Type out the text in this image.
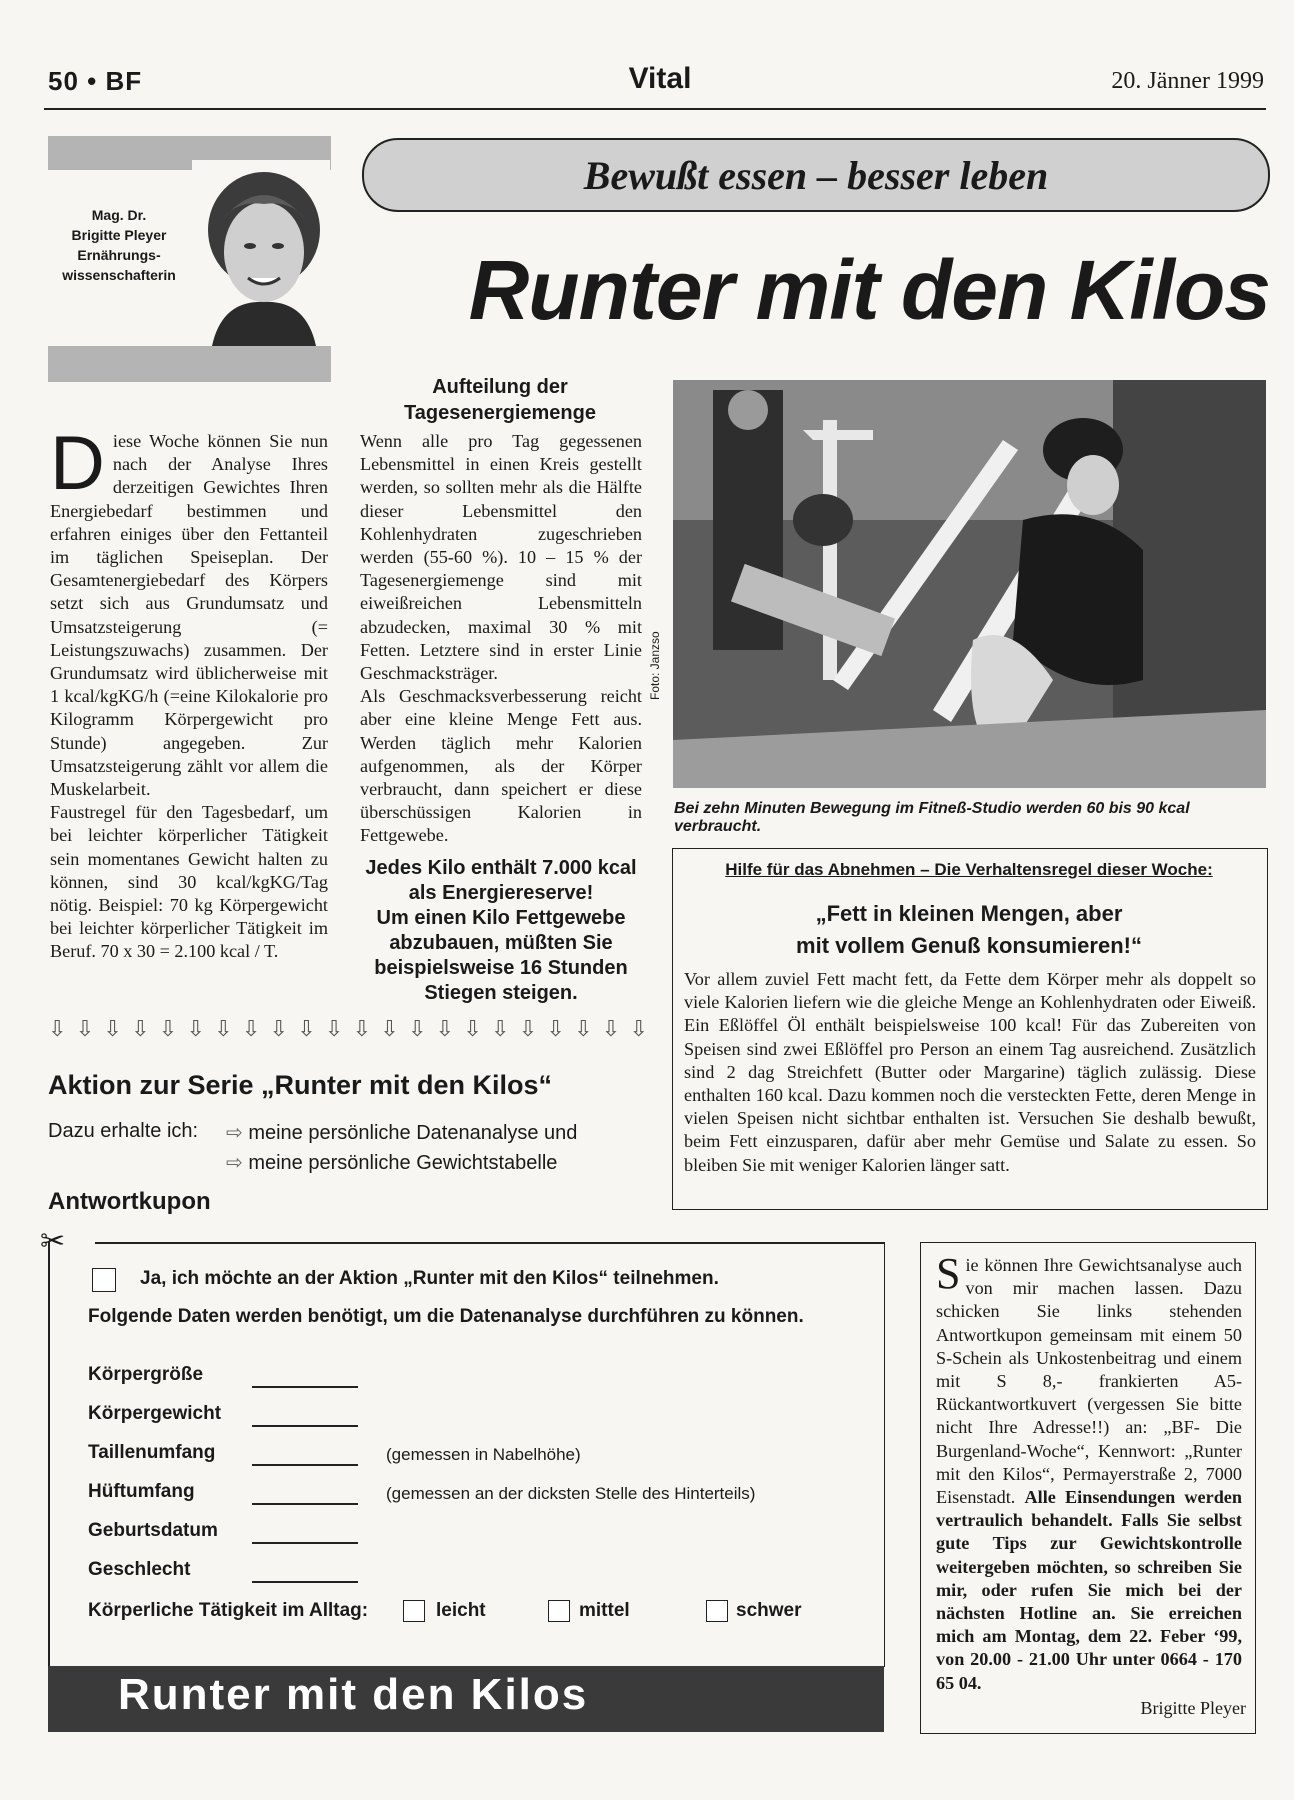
50 • BF	Vital	20. Jänner 1999
Mag. Dr.
Brigitte Pleyer
Ernährungs-
wissenschafterin
Bewußt essen – besser leben
Runter mit den Kilos
D iese Woche können Sie nun nach der Analyse Ihres derzeitigen Gewichtes Ihren Energiebedarf bestimmen und erfahren einiges über den Fettanteil im täglichen Speiseplan. Der Gesamtenergiebedarf des Körpers setzt sich aus Grundumsatz und Umsatzsteigerung (= Leistungszuwachs) zusammen. Der Grundumsatz wird üblicherweise mit 1 kcal/kgKG/h (=eine Kilokalorie pro Kilogramm Körpergewicht pro Stunde) angegeben. Zur Umsatzsteigerung zählt vor allem die Muskelarbeit.

Faustregel für den Tagesbedarf, um bei leichter körperlicher Tätigkeit sein momentanes Gewicht halten zu können, sind 30 kcal/kgKG/Tag nötig. Beispiel: 70 kg Körpergewicht bei leichter körperlicher Tätigkeit im Beruf. 70 x 30 = 2.100 kcal / T.

Aufteilung der
Tagesenergiemenge

Wenn alle pro Tag gegessenen Lebensmittel in einen Kreis gestellt werden, so sollten mehr als die Hälfte dieser Lebensmittel den Kohlenhydraten zugeschrieben werden (55-60 %). 10 – 15 % der Tagesenergiemenge sind mit eiweißreichen Lebensmitteln abzudecken, maximal 30 % mit Fetten. Letztere sind in erster Linie Geschmacksträger.

Als Geschmacksverbesserung reicht aber eine kleine Menge Fett aus. Werden täglich mehr Kalorien aufgenommen, als der Körper verbraucht, dann speichert er diese überschüssigen Kalorien in Fettgewebe.

Jedes Kilo enthält 7.000 kcal
als Energiereserve!
Um einen Kilo Fettgewebe
abzubauen, müßten Sie
beispielsweise 16 Stunden
Stiegen steigen.
Foto: Janzso
Bei zehn Minuten Bewegung im Fitneß-Studio werden 60 bis 90 kcal verbraucht.
⇩ ⇩ ⇩ ⇩ ⇩ ⇩ ⇩ ⇩ ⇩ ⇩ ⇩ ⇩ ⇩ ⇩ ⇩ ⇩ ⇩ ⇩ ⇩ ⇩ ⇩ ⇩
Aktion zur Serie „Runter mit den Kilos“
Dazu erhalte ich: ⇨ meine persönliche Datenanalyse und
⇨ meine persönliche Gewichtstabelle
Antwortkupon
Hilfe für das Abnehmen – Die Verhaltensregel dieser Woche:
„Fett in kleinen Mengen, aber
mit vollem Genuß konsumieren!“
Vor allem zuviel Fett macht fett, da Fette dem Körper mehr als doppelt so viele Kalorien liefern wie die gleiche Menge an Kohlenhydraten oder Eiweiß. Ein Eßlöffel Öl enthält beispielsweise 100 kcal! Für das Zubereiten von Speisen sind zwei Eßlöffel pro Person an einem Tag ausreichend. Zusätzlich sind 2 dag Streichfett (Butter oder Margarine) täglich zulässig. Diese enthalten 160 kcal. Dazu kommen noch die versteckten Fette, deren Menge in vielen Speisen nicht sichtbar enthalten ist. Versuchen Sie deshalb bewußt, beim Fett einzusparen, dafür aber mehr Gemüse und Salate zu essen. So bleiben Sie mit weniger Kalorien länger satt.
✂
Ja, ich möchte an der Aktion „Runter mit den Kilos“ teilnehmen.
Folgende Daten werden benötigt, um die Datenanalyse durchführen zu können.
Körpergröße
Körpergewicht
Taillenumfang	(gemessen in Nabelhöhe)
Hüftumfang	(gemessen an der dicksten Stelle des Hinterteils)
Geburtsdatum
Geschlecht
Körperliche Tätigkeit im Alltag:	leicht	mittel	schwer
Runter mit den Kilos
S ie können Ihre Gewichtsanalyse auch von mir machen lassen. Dazu schicken Sie links stehenden Antwortkupon gemeinsam mit einem 50 S-Schein als Unkostenbeitrag und einem mit S 8,- frankierten A5-Rückantwortkuvert (vergessen Sie bitte nicht Ihre Adresse!!) an: „BF- Die Burgenland-Woche“, Kennwort: „Runter mit den Kilos“, Permayerstraße 2, 7000 Eisenstadt. Alle Einsendungen werden vertraulich behandelt. Falls Sie selbst gute Tips zur Gewichtskontrolle weitergeben möchten, so schreiben Sie mir, oder rufen Sie mich bei der nächsten Hotline an. Sie erreichen mich am Montag, dem 22. Feber ‘99, von 20.00 - 21.00 Uhr unter 0664 - 170 65 04.
Brigitte Pleyer
